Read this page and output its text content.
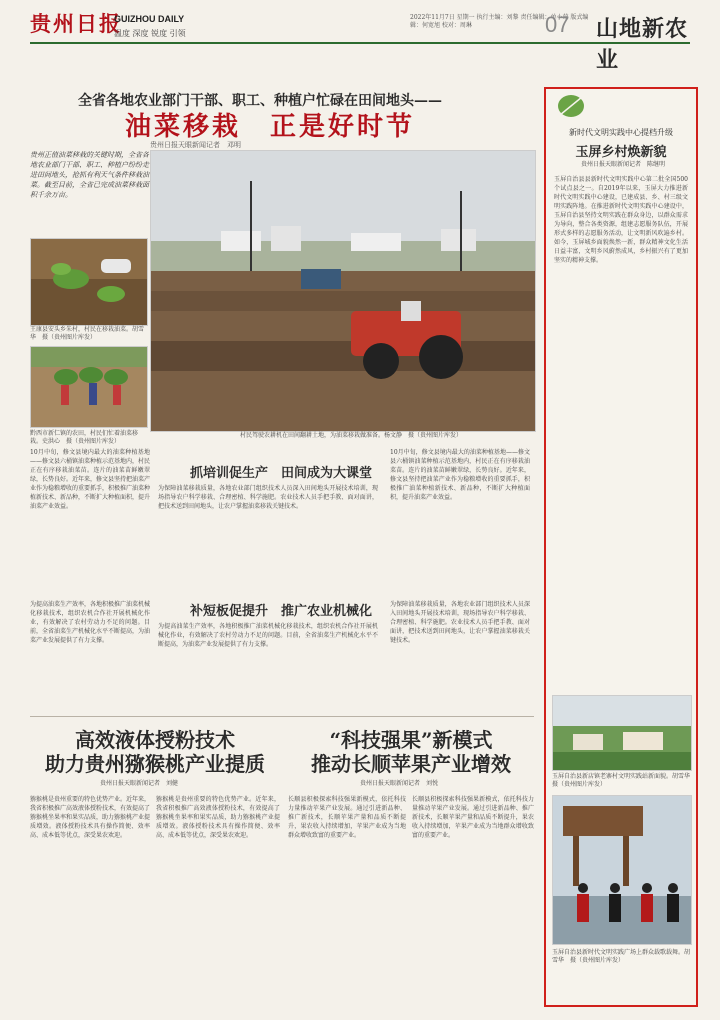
贵州日报
GUIZHOU DAILY
温度 深度 锐度 引领
2022年11月7日 星期一 执行主编：刘黎 责任编辑：单小菊 版式编辑：何宽旭 校对：周琳	07 山地新农业
全省各地农业部门干部、职工、种植户忙碌在田间地头——
油菜移栽　正是好时节
贵州日报天眼新闻记者　邓明
贵州正值油菜移栽的关键时期，全省各地农业部门干部、职工、种植户纷纷走进田间地头，抢抓有利天气条件移栽油菜。截至目前，全省已完成油菜移栽面积千余万亩。
王康县安头乡朱村，村民在移栽油菜。胡雪华　摄（贵州图片库发）
黔西市新仁镇的农田，村民们忙着油菜移栽。史洪心　摄（贵州图片库发）
村民驾驶农耕机在田间翻耕土地，为油菜移栽做准备。杨文静　摄（贵州图片库发）
10月中旬，修文县境内最大的油菜种植基地——修文县六桶镇油菜种植示范基地内，村民正在有序移栽油菜苗。连片的油菜苗鲜嫩翠绿，长势良好。近年来，修文县坚持把油菜产业作为稳粮增收的重要抓手，积极推广油菜种植新技术、新品种，不断扩大种植面积，提升油菜产业效益。
抓培训促生产　田间成为大课堂
为保障油菜移栽质量，各地农业部门组织技术人员深入田间地头开展技术培训，现场指导农户科学移栽、合理密植、科学施肥。农业技术人员手把手教、面对面讲，把技术送到田间地头，让农户掌握油菜移栽关键技术。
10月中旬，修文县境内最大的油菜种植基地——修文县六桶镇油菜种植示范基地内，村民正在有序移栽油菜苗。连片的油菜苗鲜嫩翠绿，长势良好。近年来，修文县坚持把油菜产业作为稳粮增收的重要抓手，积极推广油菜种植新技术、新品种，不断扩大种植面积，提升油菜产业效益。
补短板促提升　推广农业机械化
为提高油菜生产效率，各地积极推广油菜机械化移栽技术，组织农机合作社开展机械化作业，有效解决了农村劳动力不足的问题。目前，全省油菜生产机械化水平不断提高，为油菜产业发展提供了有力支撑。
为提高油菜生产效率，各地积极推广油菜机械化移栽技术，组织农机合作社开展机械化作业，有效解决了农村劳动力不足的问题。目前，全省油菜生产机械化水平不断提高，为油菜产业发展提供了有力支撑。
为保障油菜移栽质量，各地农业部门组织技术人员深入田间地头开展技术培训，现场指导农户科学移栽、合理密植、科学施肥。农业技术人员手把手教、面对面讲，把技术送到田间地头，让农户掌握油菜移栽关键技术。
高效液体授粉技术
助力贵州猕猴桃产业提质
贵州日报天眼新闻记者　刘健
猕猴桃是贵州重要的特色优势产业。近年来，我省积极推广高效液体授粉技术，有效提高了猕猴桃坐果率和果实品质，助力猕猴桃产业提质增效。液体授粉技术具有操作简便、效率高、成本低等优点，深受果农欢迎。
猕猴桃是贵州重要的特色优势产业。近年来，我省积极推广高效液体授粉技术，有效提高了猕猴桃坐果率和果实品质，助力猕猴桃产业提质增效。液体授粉技术具有操作简便、效率高、成本低等优点，深受果农欢迎。
“科技强果”新模式
推动长顺苹果产业增效
贵州日报天眼新闻记者　刘悦
长顺县积极探索科技强果新模式，依托科技力量推动苹果产业发展。通过引进新品种、推广新技术，长顺苹果产量和品质不断提升，果农收入持续增加，苹果产业成为当地群众增收致富的重要产业。
长顺县积极探索科技强果新模式，依托科技力量推动苹果产业发展。通过引进新品种、推广新技术，长顺苹果产量和品质不断提升，果农收入持续增加，苹果产业成为当地群众增收致富的重要产业。
新时代文明实践中心提档升级
玉屏乡村焕新貌
贵州日报天眼新闻记者　陈继明
玉屏自治县县新时代文明实践中心第二批全国500个试点县之一。自2019年以来，玉屏大力推进新时代文明实践中心建设，已建成县、乡、村三级文明实践阵地。在推进新时代文明实践中心建设中，玉屏自治县坚持文明实践在群众身边，以群众需求为导向，整合各类资源，组建志愿服务队伍，开展形式多样的志愿服务活动，让文明新风吹遍乡村。如今，玉屏城乡面貌焕然一新，群众精神文化生活日益丰富，文明乡风蔚然成风，乡村振兴有了更加坚实的精神支撑。
玉屏自治县新店镇老寨村文明实践站新面貌。胡雪华　摄（贵州图片库发）
玉屏自治县新时代文明实践广场上群众载歌载舞。胡雪华　摄（贵州图片库发）
